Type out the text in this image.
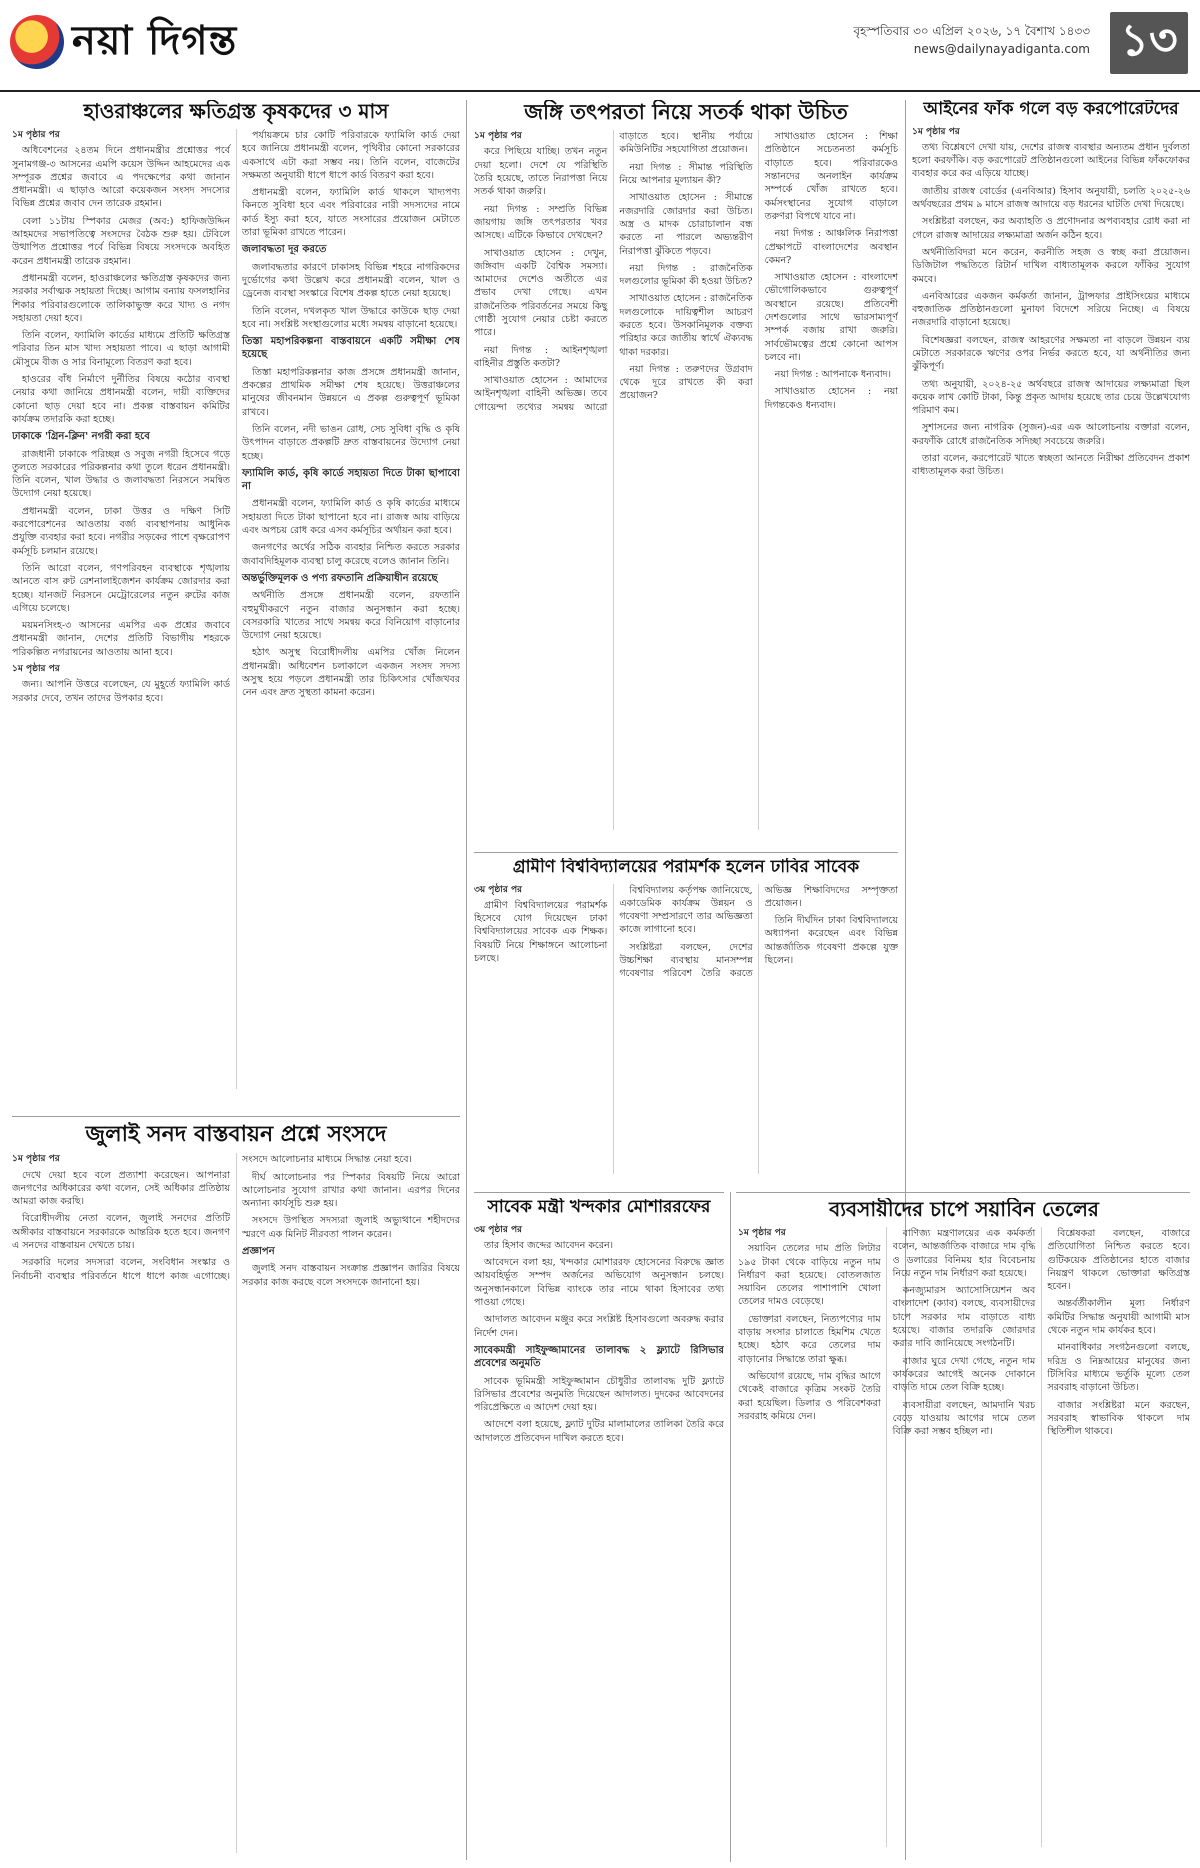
নয়া দিগন্ত	বৃহস্পতিবার ৩০ এপ্রিল ২০২৬, ১৭ বৈশাখ ১৪৩৩
news@dailynayadiganta.com ১৩
হাওরাঞ্চলের ক্ষতিগ্রস্ত কৃষকদের ৩ মাস
১ম পৃষ্ঠার পর

অধিবেশনের ২৪তম দিনে প্রধানমন্ত্রীর প্রশ্নোত্তর পর্বে সুনামগঞ্জ-৩ আসনের এমপি কয়েস উদ্দিন আহমেদের এক সম্পূরক প্রশ্নের জবাবে এ পদক্ষেপের কথা জানান প্রধানমন্ত্রী। এ ছাড়াও আরো কয়েকজন সংসদ সদস্যের বিভিন্ন প্রশ্নের জবাব দেন তারেক রহমান।

বেলা ১১টায় স্পিকার মেজর (অব:) হাফিজউদ্দিন আহমদের সভাপতিত্বে সংসদের বৈঠক শুরু হয়। টেবিলে উত্থাপিত প্রশ্নোত্তর পর্বে বিভিন্ন বিষয়ে সংসদকে অবহিত করেন প্রধানমন্ত্রী তারেক রহমান।

প্রধানমন্ত্রী বলেন, হাওরাঞ্চলের ক্ষতিগ্রস্ত কৃষকদের জন্য সরকার সর্বাত্মক সহায়তা দিচ্ছে। আগাম বন্যায় ফসলহানির শিকার পরিবারগুলোকে তালিকাভুক্ত করে খাদ্য ও নগদ সহায়তা দেয়া হবে।

তিনি বলেন, ফ্যামিলি কার্ডের মাধ্যমে প্রতিটি ক্ষতিগ্রস্ত পরিবার তিন মাস খাদ্য সহায়তা পাবে। এ ছাড়া আগামী মৌসুমে বীজ ও সার বিনামূল্যে বিতরণ করা হবে।

হাওরের বাঁধ নির্মাণে দুর্নীতির বিষয়ে কঠোর ব্যবস্থা নেয়ার কথা জানিয়ে প্রধানমন্ত্রী বলেন, দায়ী ব্যক্তিদের কোনো ছাড় দেয়া হবে না। প্রকল্প বাস্তবায়ন কমিটির কার্যক্রম তদারকি করা হচ্ছে।

ঢাকাকে 'গ্রিন-ক্লিন' নগরী করা হবে

রাজধানী ঢাকাকে পরিচ্ছন্ন ও সবুজ নগরী হিসেবে গড়ে তুলতে সরকারের পরিকল্পনার কথা তুলে ধরেন প্রধানমন্ত্রী। তিনি বলেন, খাল উদ্ধার ও জলাবদ্ধতা নিরসনে সমন্বিত উদ্যোগ নেয়া হয়েছে।

প্রধানমন্ত্রী বলেন, ঢাকা উত্তর ও দক্ষিণ সিটি করপোরেশনের আওতায় বর্জ্য ব্যবস্থাপনায় আধুনিক প্রযুক্তি ব্যবহার করা হবে। নগরীর সড়কের পাশে বৃক্ষরোপণ কর্মসূচি চলমান রয়েছে।

তিনি আরো বলেন, গণপরিবহন ব্যবস্থাকে শৃঙ্খলায় আনতে বাস রুট রেশনালাইজেশন কার্যক্রম জোরদার করা হচ্ছে। যানজট নিরসনে মেট্রোরেলের নতুন রুটের কাজ এগিয়ে চলেছে।

ময়মনসিংহ-৩ আসনের এমপির এক প্রশ্নের জবাবে প্রধানমন্ত্রী জানান, দেশের প্রতিটি বিভাগীয় শহরকে পরিকল্পিত নগরায়নের আওতায় আনা হবে।

১ম পৃষ্ঠার পর

জন্য। আপনি উত্তরে বলেছেন, যে মুহূর্তে ফ্যামিলি কার্ড সরকার দেবে, তখন তাদের উপকার হবে।

পর্যায়ক্রমে চার কোটি পরিবারকে ফ্যামিলি কার্ড দেয়া হবে জানিয়ে প্রধানমন্ত্রী বলেন, পৃথিবীর কোনো সরকারের একসাথে এটা করা সম্ভব নয়। তিনি বলেন, বাজেটের সক্ষমতা অনুযায়ী ধাপে ধাপে কার্ড বিতরণ করা হবে।

প্রধানমন্ত্রী বলেন, ফ্যামিলি কার্ড থাকলে খাদ্যপণ্য কিনতে সুবিধা হবে এবং পরিবারের নারী সদস্যদের নামে কার্ড ইস্যু করা হবে, যাতে সংসারের প্রয়োজন মেটাতে তারা ভূমিকা রাখতে পারেন।

জলাবদ্ধতা দূর করতে

জলাবদ্ধতার কারণে ঢাকাসহ বিভিন্ন শহরে নাগরিকদের দুর্ভোগের কথা উল্লেখ করে প্রধানমন্ত্রী বলেন, খাল ও ড্রেনেজ ব্যবস্থা সংস্কারে বিশেষ প্রকল্প হাতে নেয়া হয়েছে।

তিনি বলেন, দখলকৃত খাল উদ্ধারে কাউকে ছাড় দেয়া হবে না। সংশ্লিষ্ট সংস্থাগুলোর মধ্যে সমন্বয় বাড়ানো হয়েছে।

তিস্তা মহাপরিকল্পনা বাস্তবায়নে একটি সমীক্ষা শেষ হয়েছে

তিস্তা মহাপরিকল্পনার কাজ প্রসঙ্গে প্রধানমন্ত্রী জানান, প্রকল্পের প্রাথমিক সমীক্ষা শেষ হয়েছে। উত্তরাঞ্চলের মানুষের জীবনমান উন্নয়নে এ প্রকল্প গুরুত্বপূর্ণ ভূমিকা রাখবে।

তিনি বলেন, নদী ভাঙন রোধ, সেচ সুবিধা বৃদ্ধি ও কৃষি উৎপাদন বাড়াতে প্রকল্পটি দ্রুত বাস্তবায়নের উদ্যোগ নেয়া হচ্ছে।

ফ্যামিলি কার্ড, কৃষি কার্ডে সহায়তা দিতে টাকা ছাপাবো না

প্রধানমন্ত্রী বলেন, ফ্যামিলি কার্ড ও কৃষি কার্ডের মাধ্যমে সহায়তা দিতে টাকা ছাপানো হবে না। রাজস্ব আয় বাড়িয়ে এবং অপচয় রোধ করে এসব কর্মসূচির অর্থায়ন করা হবে।

জনগণের অর্থের সঠিক ব্যবহার নিশ্চিত করতে সরকার জবাবদিহিমূলক ব্যবস্থা চালু করেছে বলেও জানান তিনি।

অন্তর্ভুক্তিমূলক ও পণ্য রফতানি প্রক্রিয়াধীন রয়েছে

অর্থনীতি প্রসঙ্গে প্রধানমন্ত্রী বলেন, রফতানি বহুমুখীকরণে নতুন বাজার অনুসন্ধান করা হচ্ছে। বেসরকারি খাতের সাথে সমন্বয় করে বিনিয়োগ বাড়ানোর উদ্যোগ নেয়া হয়েছে।

হঠাৎ অসুস্থ বিরোধীদলীয় এমপির খোঁজ নিলেন প্রধানমন্ত্রী। অধিবেশন চলাকালে একজন সংসদ সদস্য অসুস্থ হয়ে পড়লে প্রধানমন্ত্রী তার চিকিৎসার খোঁজখবর নেন এবং দ্রুত সুস্থতা কামনা করেন।

জুলাই সনদ বাস্তবায়ন প্রশ্নে সংসদে
১ম পৃষ্ঠার পর

দেখে দেয়া হবে বলে প্রত্যাশা করেছেন। আপনারা জনগণের অধিকারের কথা বলেন, সেই অধিকার প্রতিষ্ঠায় আমরা কাজ করছি।

বিরোধীদলীয় নেতা বলেন, জুলাই সনদের প্রতিটি অঙ্গীকার বাস্তবায়নে সরকারকে আন্তরিক হতে হবে। জনগণ এ সনদের বাস্তবায়ন দেখতে চায়।

সরকারি দলের সদস্যরা বলেন, সংবিধান সংস্কার ও নির্বাচনী ব্যবস্থার পরিবর্তনে ধাপে ধাপে কাজ এগোচ্ছে। সংসদে আলোচনার মাধ্যমে সিদ্ধান্ত নেয়া হবে।

দীর্ঘ আলোচনার পর স্পিকার বিষয়টি নিয়ে আরো আলোচনার সুযোগ রাখার কথা জানান। এরপর দিনের অন্যান্য কার্যসূচি শুরু হয়।

সংসদে উপস্থিত সদস্যরা জুলাই অভ্যুত্থানে শহীদদের স্মরণে এক মিনিট নীরবতা পালন করেন।

প্রজ্ঞাপন

জুলাই সনদ বাস্তবায়ন সংক্রান্ত প্রজ্ঞাপন জারির বিষয়ে সরকার কাজ করছে বলে সংসদকে জানানো হয়।

জঙ্গি তৎপরতা নিয়ে সতর্ক থাকা উচিত
১ম পৃষ্ঠার পর

করে পিছিয়ে যাচ্ছি। তখন নতুন দেয়া হলো। দেশে যে পরিস্থিতি তৈরি হয়েছে, তাতে নিরাপত্তা নিয়ে সতর্ক থাকা জরুরি।

নয়া দিগন্ত : সম্প্রতি বিভিন্ন জায়গায় জঙ্গি তৎপরতার খবর আসছে। এটিকে কিভাবে দেখছেন?

সাখাওয়াত হোসেন : দেখুন, জঙ্গিবাদ একটি বৈশ্বিক সমস্যা। আমাদের দেশেও অতীতে এর প্রভাব দেখা গেছে। এখন রাজনৈতিক পরিবর্তনের সময়ে কিছু গোষ্ঠী সুযোগ নেয়ার চেষ্টা করতে পারে।

নয়া দিগন্ত : আইনশৃঙ্খলা বাহিনীর প্রস্তুতি কতটা?

সাখাওয়াত হোসেন : আমাদের আইনশৃঙ্খলা বাহিনী অভিজ্ঞ। তবে গোয়েন্দা তথ্যের সমন্বয় আরো বাড়াতে হবে। স্থানীয় পর্যায়ে কমিউনিটির সহযোগিতা প্রয়োজন।

নয়া দিগন্ত : সীমান্ত পরিস্থিতি নিয়ে আপনার মূল্যায়ন কী?

সাখাওয়াত হোসেন : সীমান্তে নজরদারি জোরদার করা উচিত। অস্ত্র ও মাদক চোরাচালান বন্ধ করতে না পারলে অভ্যন্তরীণ নিরাপত্তা ঝুঁকিতে পড়বে।

নয়া দিগন্ত : রাজনৈতিক দলগুলোর ভূমিকা কী হওয়া উচিত?

সাখাওয়াত হোসেন : রাজনৈতিক দলগুলোকে দায়িত্বশীল আচরণ করতে হবে। উসকানিমূলক বক্তব্য পরিহার করে জাতীয় স্বার্থে ঐক্যবদ্ধ থাকা দরকার।

নয়া দিগন্ত : তরুণদের উগ্রবাদ থেকে দূরে রাখতে কী করা প্রয়োজন?

সাখাওয়াত হোসেন : শিক্ষা প্রতিষ্ঠানে সচেতনতা কর্মসূচি বাড়াতে হবে। পরিবারকেও সন্তানদের অনলাইন কার্যক্রম সম্পর্কে খোঁজ রাখতে হবে। কর্মসংস্থানের সুযোগ বাড়ালে তরুণরা বিপথে যাবে না।

নয়া দিগন্ত : আঞ্চলিক নিরাপত্তা প্রেক্ষাপটে বাংলাদেশের অবস্থান কেমন?

সাখাওয়াত হোসেন : বাংলাদেশ ভৌগোলিকভাবে গুরুত্বপূর্ণ অবস্থানে রয়েছে। প্রতিবেশী দেশগুলোর সাথে ভারসাম্যপূর্ণ সম্পর্ক বজায় রাখা জরুরি। সার্বভৌমত্বের প্রশ্নে কোনো আপস চলবে না।

নয়া দিগন্ত : আপনাকে ধন্যবাদ।

সাখাওয়াত হোসেন : নয়া দিগন্তকেও ধন্যবাদ।

গ্রামীণ বিশ্ববিদ্যালয়ের পরামর্শক হলেন ঢাবির সাবেক
৩য় পৃষ্ঠার পর

গ্রামীণ বিশ্ববিদ্যালয়ের পরামর্শক হিসেবে যোগ দিয়েছেন ঢাকা বিশ্ববিদ্যালয়ের সাবেক এক শিক্ষক। বিষয়টি নিয়ে শিক্ষাঙ্গনে আলোচনা চলছে।

বিশ্ববিদ্যালয় কর্তৃপক্ষ জানিয়েছে, একাডেমিক কার্যক্রম উন্নয়ন ও গবেষণা সম্প্রসারণে তার অভিজ্ঞতা কাজে লাগানো হবে।

সংশ্লিষ্টরা বলছেন, দেশের উচ্চশিক্ষা ব্যবস্থায় মানসম্পন্ন গবেষণার পরিবেশ তৈরি করতে অভিজ্ঞ শিক্ষাবিদদের সম্পৃক্ততা প্রয়োজন।

তিনি দীর্ঘদিন ঢাকা বিশ্ববিদ্যালয়ে অধ্যাপনা করেছেন এবং বিভিন্ন আন্তর্জাতিক গবেষণা প্রকল্পে যুক্ত ছিলেন।

সাবেক মন্ত্রী খন্দকার মোশাররফের
৩য় পৃষ্ঠার পর

তার হিসাব জব্দের আবেদন করেন।

আবেদনে বলা হয়, খন্দকার মোশাররফ হোসেনের বিরুদ্ধে জ্ঞাত আয়বহির্ভূত সম্পদ অর্জনের অভিযোগ অনুসন্ধান চলছে। অনুসন্ধানকালে বিভিন্ন ব্যাংকে তার নামে থাকা হিসাবের তথ্য পাওয়া গেছে।

আদালত আবেদন মঞ্জুর করে সংশ্লিষ্ট হিসাবগুলো অবরুদ্ধ করার নির্দেশ দেন।

সাবেকমন্ত্রী সাইফুজ্জামানের তালাবদ্ধ ২ ফ্ল্যাটে রিসিভার প্রবেশের অনুমতি

সাবেক ভূমিমন্ত্রী সাইফুজ্জামান চৌধুরীর তালাবদ্ধ দুটি ফ্ল্যাটে রিসিভার প্রবেশের অনুমতি দিয়েছেন আদালত। দুদকের আবেদনের পরিপ্রেক্ষিতে এ আদেশ দেয়া হয়।

আদেশে বলা হয়েছে, ফ্ল্যাট দুটির মালামালের তালিকা তৈরি করে আদালতে প্রতিবেদন দাখিল করতে হবে।

আইনের ফাঁক গলে বড় করপোরেটদের
১ম পৃষ্ঠার পর

তথ্য বিশ্লেষণে দেখা যায়, দেশের রাজস্ব ব্যবস্থার অন্যতম প্রধান দুর্বলতা হলো করফাঁকি। বড় করপোরেট প্রতিষ্ঠানগুলো আইনের বিভিন্ন ফাঁকফোকর ব্যবহার করে কর এড়িয়ে যাচ্ছে।

জাতীয় রাজস্ব বোর্ডের (এনবিআর) হিসাব অনুযায়ী, চলতি ২০২৫-২৬ অর্থবছরের প্রথম ৯ মাসে রাজস্ব আদায়ে বড় ধরনের ঘাটতি দেখা দিয়েছে।

সংশ্লিষ্টরা বলছেন, কর অব্যাহতি ও প্রণোদনার অপব্যবহার রোধ করা না গেলে রাজস্ব আদায়ের লক্ষ্যমাত্রা অর্জন কঠিন হবে।

অর্থনীতিবিদরা মনে করেন, করনীতি সহজ ও স্বচ্ছ করা প্রয়োজন। ডিজিটাল পদ্ধতিতে রিটার্ন দাখিল বাধ্যতামূলক করলে ফাঁকির সুযোগ কমবে।

এনবিআরের একজন কর্মকর্তা জানান, ট্রান্সফার প্রাইসিংয়ের মাধ্যমে বহুজাতিক প্রতিষ্ঠানগুলো মুনাফা বিদেশে সরিয়ে নিচ্ছে। এ বিষয়ে নজরদারি বাড়ানো হয়েছে।

বিশেষজ্ঞরা বলছেন, রাজস্ব আহরণের সক্ষমতা না বাড়লে উন্নয়ন ব্যয় মেটাতে সরকারকে ঋণের ওপর নির্ভর করতে হবে, যা অর্থনীতির জন্য ঝুঁকিপূর্ণ।

তথ্য অনুযায়ী, ২০২৪-২৫ অর্থবছরে রাজস্ব আদায়ের লক্ষ্যমাত্রা ছিল কয়েক লাখ কোটি টাকা, কিন্তু প্রকৃত আদায় হয়েছে তার চেয়ে উল্লেখযোগ্য পরিমাণ কম।

সুশাসনের জন্য নাগরিক (সুজন)-এর এক আলোচনায় বক্তারা বলেন, করফাঁকি রোধে রাজনৈতিক সদিচ্ছা সবচেয়ে জরুরি।

তারা বলেন, করপোরেট খাতে স্বচ্ছতা আনতে নিরীক্ষা প্রতিবেদন প্রকাশ বাধ্যতামূলক করা উচিত।

ব্যবসায়ীদের চাপে সয়াবিন তেলের
১ম পৃষ্ঠার পর

সয়াবিন তেলের দাম প্রতি লিটার ১৯৫ টাকা থেকে বাড়িয়ে নতুন দাম নির্ধারণ করা হয়েছে। বোতলজাত সয়াবিন তেলের পাশাপাশি খোলা তেলের দামও বেড়েছে।

ভোক্তারা বলছেন, নিত্যপণ্যের দাম বাড়ায় সংসার চালাতে হিমশিম খেতে হচ্ছে। হঠাৎ করে তেলের দাম বাড়ানোর সিদ্ধান্তে তারা ক্ষুব্ধ।

অভিযোগ রয়েছে, দাম বৃদ্ধির আগে থেকেই বাজারে কৃত্রিম সংকট তৈরি করা হয়েছিল। ডিলার ও পরিবেশকরা সরবরাহ কমিয়ে দেন।

বাণিজ্য মন্ত্রণালয়ের এক কর্মকর্তা বলেন, আন্তর্জাতিক বাজারে দাম বৃদ্ধি ও ডলারের বিনিময় হার বিবেচনায় নিয়ে নতুন দাম নির্ধারণ করা হয়েছে।

কনজ্যুমারস অ্যাসোসিয়েশন অব বাংলাদেশ (ক্যাব) বলছে, ব্যবসায়ীদের চাপে সরকার দাম বাড়াতে বাধ্য হয়েছে। বাজার তদারকি জোরদার করার দাবি জানিয়েছে সংগঠনটি।

বাজার ঘুরে দেখা গেছে, নতুন দাম কার্যকরের আগেই অনেক দোকানে বাড়তি দামে তেল বিক্রি হচ্ছে।

ব্যবসায়ীরা বলছেন, আমদানি খরচ বেড়ে যাওয়ায় আগের দামে তেল বিক্রি করা সম্ভব হচ্ছিল না।

বিশ্লেষকরা বলছেন, বাজারে প্রতিযোগিতা নিশ্চিত করতে হবে। গুটিকয়েক প্রতিষ্ঠানের হাতে বাজার নিয়ন্ত্রণ থাকলে ভোক্তারা ক্ষতিগ্রস্ত হবেন।

অন্তর্বর্তীকালীন মূল্য নির্ধারণ কমিটির সিদ্ধান্ত অনুযায়ী আগামী মাস থেকে নতুন দাম কার্যকর হবে।

মানবাধিকার সংগঠনগুলো বলছে, দরিদ্র ও নিম্নআয়ের মানুষের জন্য টিসিবির মাধ্যমে ভর্তুকি মূল্যে তেল সরবরাহ বাড়ানো উচিত।

বাজার সংশ্লিষ্টরা মনে করছেন, সরবরাহ স্বাভাবিক থাকলে দাম স্থিতিশীল থাকবে।
